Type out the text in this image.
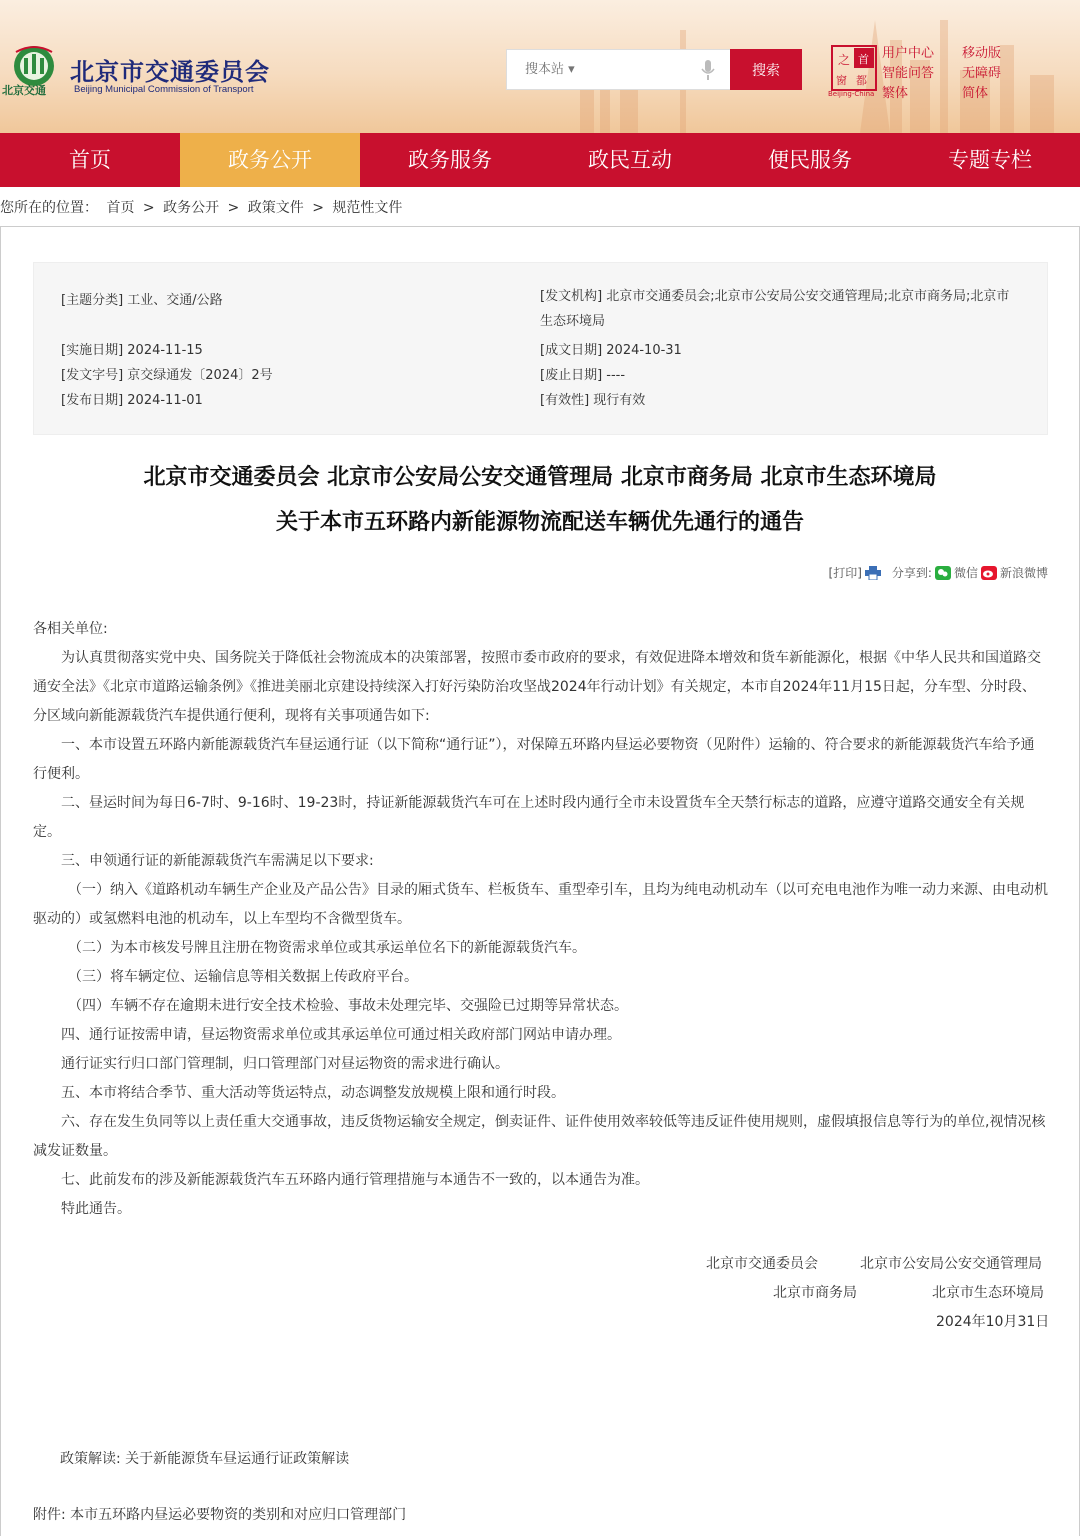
北京交通
北京市交通委员会
Beijing Municipal Commission of Transport
搜本站 ▾
搜索
之 首
窗 都
Beijing-China
用户中心 移动版
智能问答 无障碍
繁体	简体
首页	政务公开	政务服务	政民互动	便民服务	专题专栏
您所在的位置： 首页 > 政务公开 > 政策文件 > 规范性文件
[主题分类] 工业、交通/公路	[发文机构] 北京市交通委员会;北京市公安局公安交通管理局;北京市商务局;北京市生态环境局
[实施日期] 2024-11-15	[成文日期] 2024-10-31
[发文字号] 京交绿通发〔2024〕2号	[废止日期] ----
[发布日期] 2024-11-01	[有效性] 现行有效
北京市交通委员会 北京市公安局公安交通管理局 北京市商务局 北京市生态环境局
关于本市五环路内新能源物流配送车辆优先通行的通告
[打印]	分享到: 微信 新浪微博

各相关单位:

为认真贯彻落实党中央、国务院关于降低社会物流成本的决策部署，按照市委市政府的要求，有效促进降本增效和货车新能源化，根据《中华人民共和国道路交通安全法》《北京市道路运输条例》《推进美丽北京建设持续深入打好污染防治攻坚战2024年行动计划》有关规定，本市自2024年11月15日起，分车型、分时段、分区域向新能源载货汽车提供通行便利，现将有关事项通告如下:

一、本市设置五环路内新能源载货汽车昼运通行证（以下简称“通行证”），对保障五环路内昼运必要物资（见附件）运输的、符合要求的新能源载货汽车给予通行便利。

二、昼运时间为每日6-7时、9-16时、19-23时，持证新能源载货汽车可在上述时段内通行全市未设置货车全天禁行标志的道路，应遵守道路交通安全有关规定。

三、申领通行证的新能源载货汽车需满足以下要求:

（一）纳入《道路机动车辆生产企业及产品公告》目录的厢式货车、栏板货车、重型牵引车，且均为纯电动机动车（以可充电电池作为唯一动力来源、由电动机驱动的）或氢燃料电池的机动车，以上车型均不含微型货车。

（二）为本市核发号牌且注册在物资需求单位或其承运单位名下的新能源载货汽车。

（三）将车辆定位、运输信息等相关数据上传政府平台。

（四）车辆不存在逾期未进行安全技术检验、事故未处理完毕、交强险已过期等异常状态。

四、通行证按需申请，昼运物资需求单位或其承运单位可通过相关政府部门网站申请办理。

通行证实行归口部门管理制，归口管理部门对昼运物资的需求进行确认。

五、本市将结合季节、重大活动等货运特点，动态调整发放规模上限和通行时段。

六、存在发生负同等以上责任重大交通事故，违反货物运输安全规定，倒卖证件、证件使用效率较低等违反证件使用规则，虚假填报信息等行为的单位,视情况核减发证数量。

七、此前发布的涉及新能源载货汽车五环路内通行管理措施与本通告不一致的，以本通告为准。

特此通告。

北京市交通委员会	北京市公安局公安交通管理局
北京市商务局	北京市生态环境局
2024年10月31日
政策解读: 关于新能源货车昼运通行证政策解读
附件: 本市五环路内昼运必要物资的类别和对应归口管理部门
